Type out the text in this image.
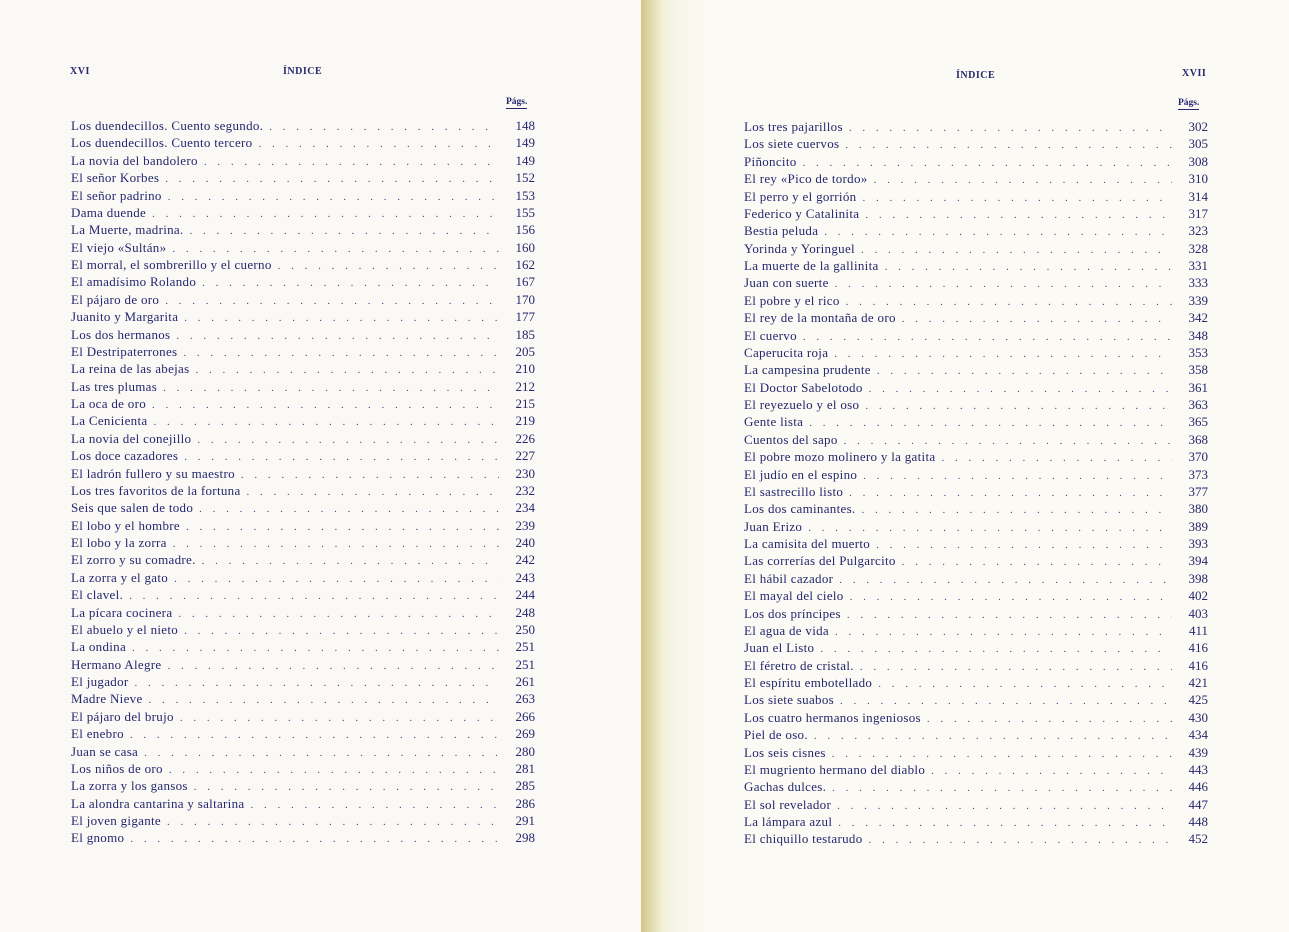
XVI	ÍNDICE
Págs.
Los duendecillos. Cuento segundo. . . .	148
Los duendecillos. Cuento tercero . . .	149
La novia del bandolero . . .	149
El señor Korbes . . .	152
El señor padrino . . .	153
Dama duende . . .	155
La Muerte, madrina. . . .	156
El viejo «Sultán» . . .	160
El morral, el sombrerillo y el cuerno . . .	162
El amadísimo Rolando . . .	167
El pájaro de oro . . .	170
Juanito y Margarita . . .	177
Los dos hermanos . . .	185
El Destripaterrones . . .	205
La reina de las abejas . . .	210
Las tres plumas . . .	212
La oca de oro . . .	215
La Cenicienta . . .	219
La novia del conejillo . . .	226
Los doce cazadores . . .	227
El ladrón fullero y su maestro . . .	230
Los tres favoritos de la fortuna . . .	232
Seis que salen de todo . . .	234
El lobo y el hombre . . .	239
El lobo y la zorra . . .	240
El zorro y su comadre. . . .	242
La zorra y el gato . . .	243
El clavel. . . .	244
La pícara cocinera . . .	248
El abuelo y el nieto . . .	250
La ondina . . .	251
Hermano Alegre . . .	251
El jugador . . .	261
Madre Nieve . . .	263
El pájaro del brujo . . .	266
El enebro . . .	269
Juan se casa . . .	280
Los niños de oro . . .	281
La zorra y los gansos . . .	285
La alondra cantarina y saltarina . . .	286
El joven gigante . . .	291
El gnomo . . .	298
ÍNDICE	XVII
Págs.
Los tres pajarillos . . .	302
Los siete cuervos . . .	305
Piñoncito . . .	308
El rey «Pico de tordo» . . .	310
El perro y el gorrión . . .	314
Federico y Catalinita . . .	317
Bestia peluda . . .	323
Yorinda y Yoringuel . . .	328
La muerte de la gallinita . . .	331
Juan con suerte . . .	333
El pobre y el rico . . .	339
El rey de la montaña de oro . . .	342
El cuervo . . .	348
Caperucita roja . . .	353
La campesina prudente . . .	358
El Doctor Sabelotodo . . .	361
El reyezuelo y el oso . . .	363
Gente lista . . .	365
Cuentos del sapo . . .	368
El pobre mozo molinero y la gatita . . .	370
El judío en el espino . . .	373
El sastrecillo listo . . .	377
Los dos caminantes. . . .	380
Juan Erizo . . .	389
La camisita del muerto . . .	393
Las correrías del Pulgarcito . . .	394
El hábil cazador . . .	398
El mayal del cielo . . .	402
Los dos príncipes . . .	403
El agua de vida . . .	411
Juan el Listo . . .	416
El féretro de cristal. . . .	416
El espíritu embotellado . . .	421
Los siete suabos . . .	425
Los cuatro hermanos ingeniosos . . .	430
Piel de oso. . . .	434
Los seis cisnes . . .	439
El mugriento hermano del diablo . . .	443
Gachas dulces. . . .	446
El sol revelador . . .	447
La lámpara azul . . .	448
El chiquillo testarudo . . .	452
